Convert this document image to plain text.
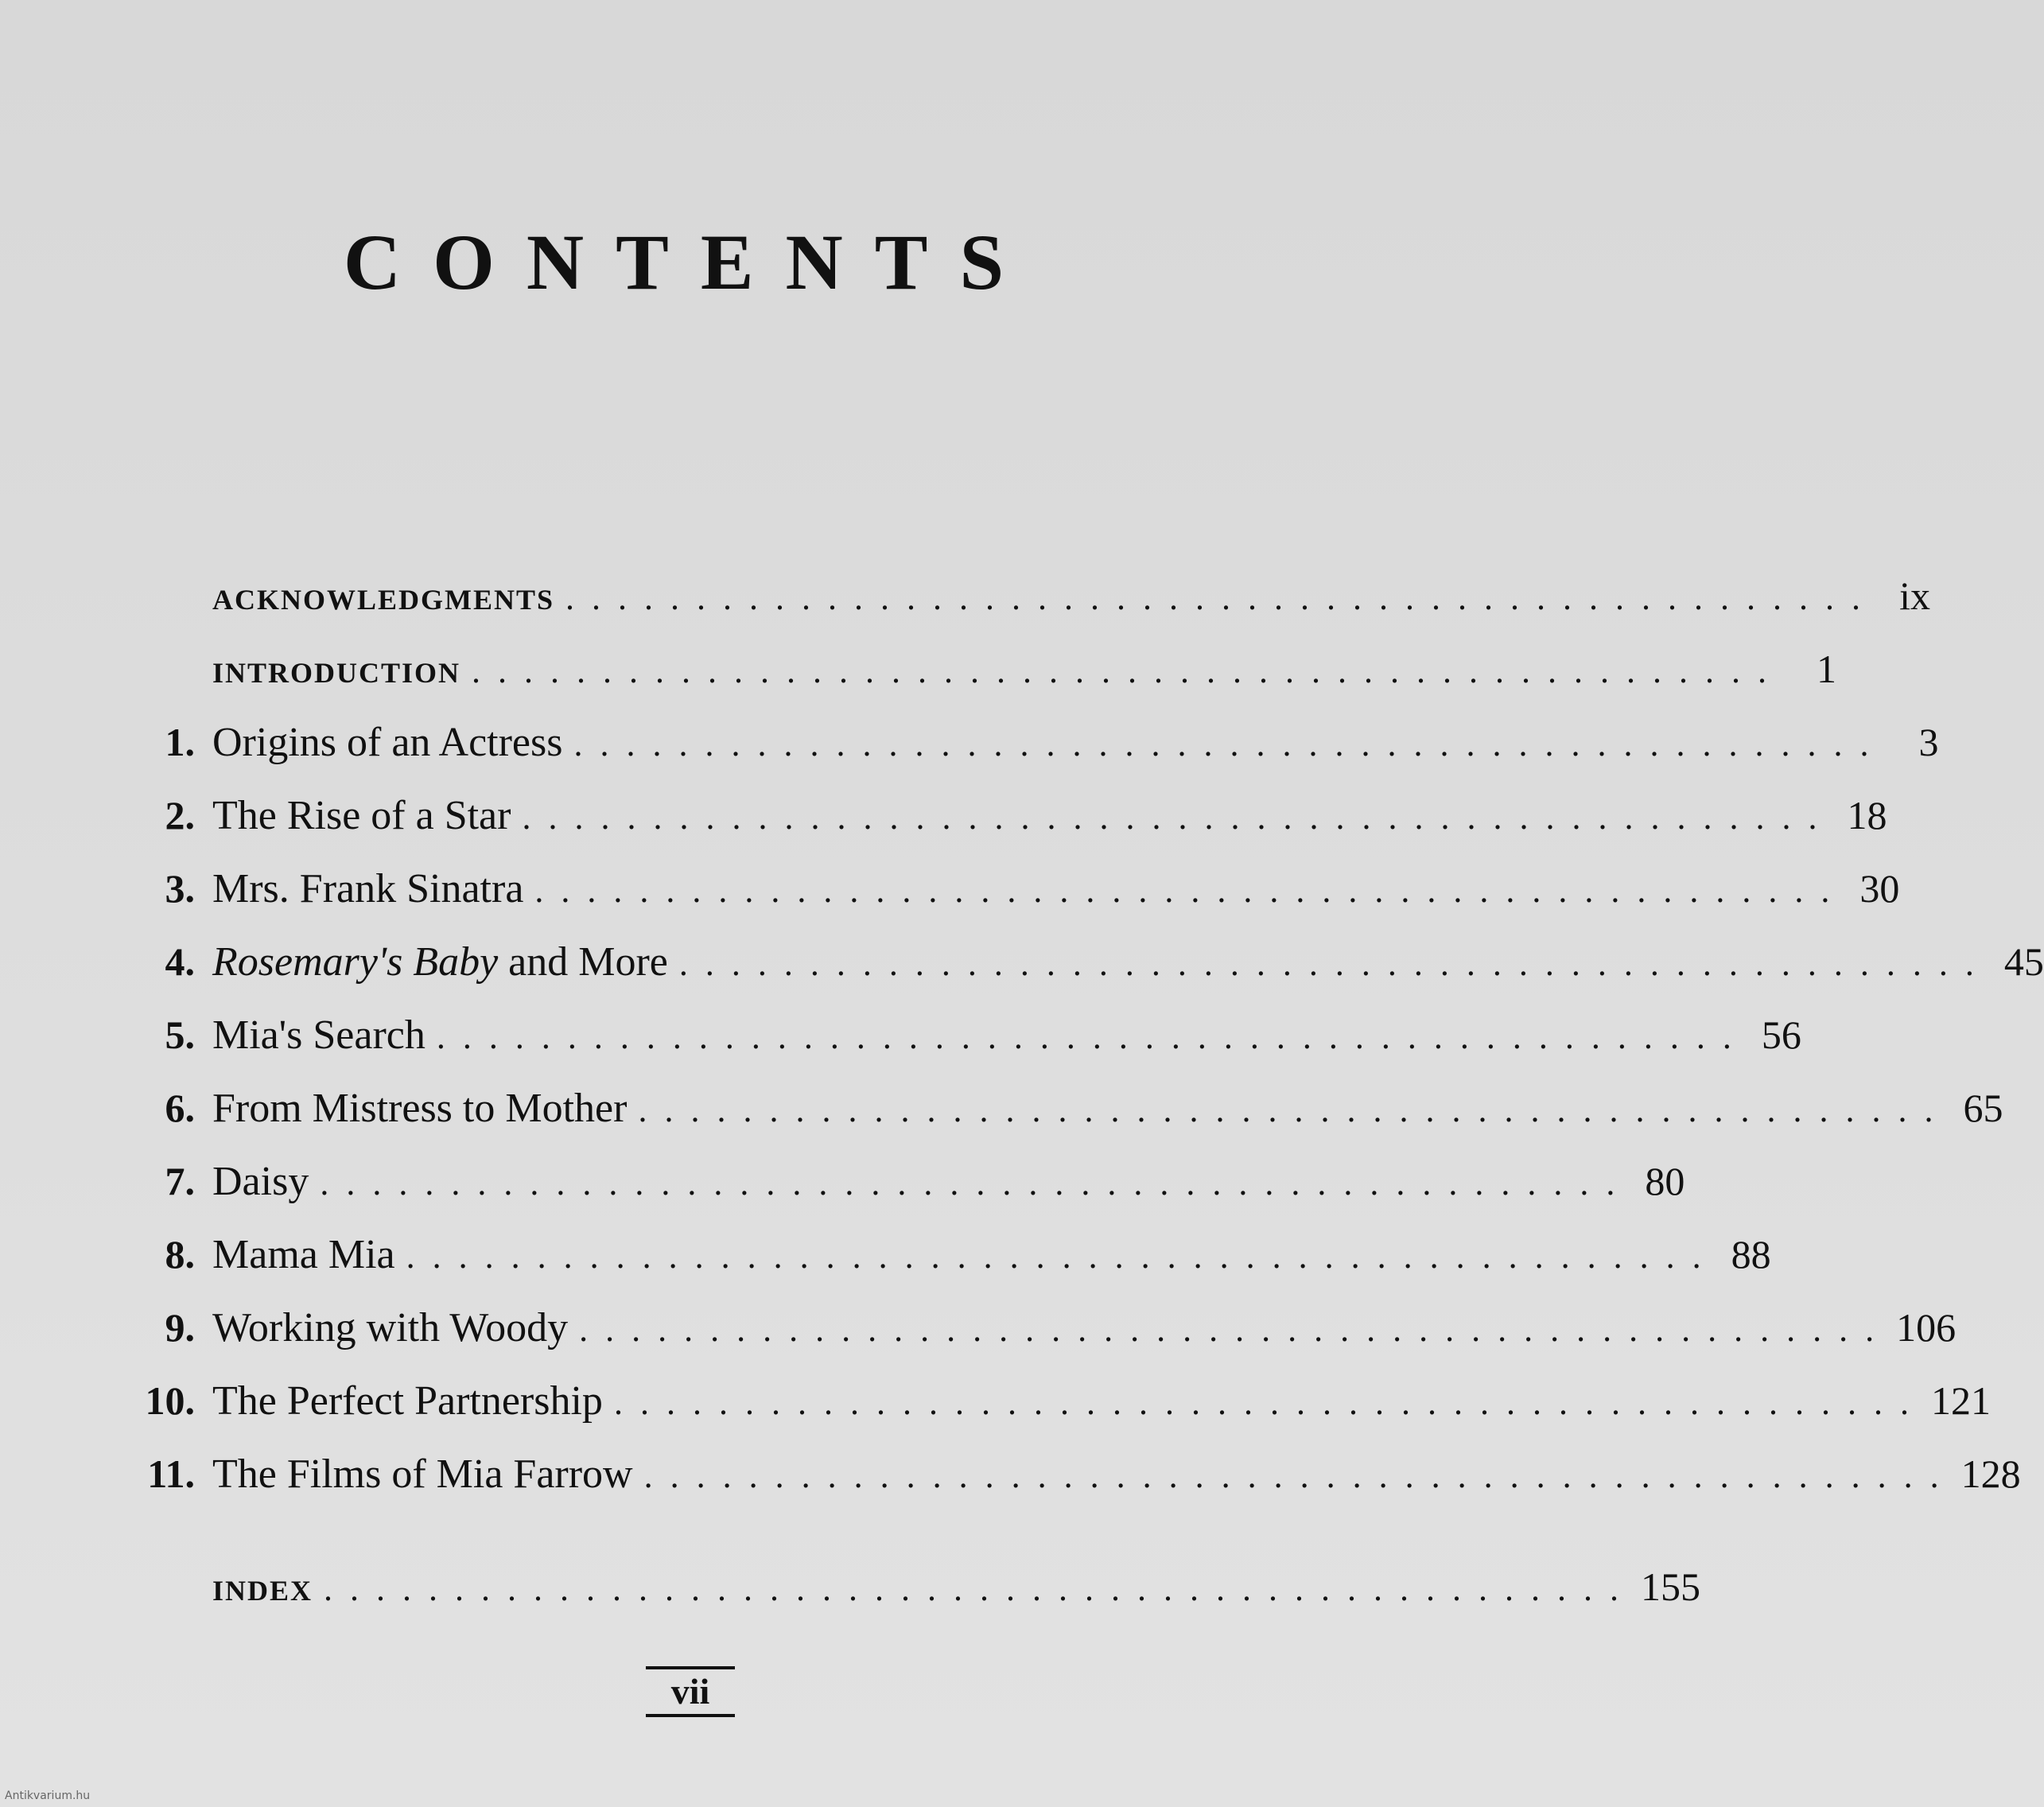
CONTENTS
ACKNOWLEDGMENTS .................................................. ix
INTRODUCTION .................................................. 1
1. Origins of an Actress .................................................. 3
2. The Rise of a Star .................................................. 18
3. Mrs. Frank Sinatra .................................................. 30
4. Rosemary's Baby and More .................................................. 45
5. Mia's Search .................................................. 56
6. From Mistress to Mother .................................................. 65
7. Daisy .................................................. 80
8. Mama Mia .................................................. 88
9. Working with Woody .................................................. 106
10. The Perfect Partnership .................................................. 121
11. The Films of Mia Farrow .................................................. 128
INDEX .................................................. 155
vii
Antikvarium.hu
